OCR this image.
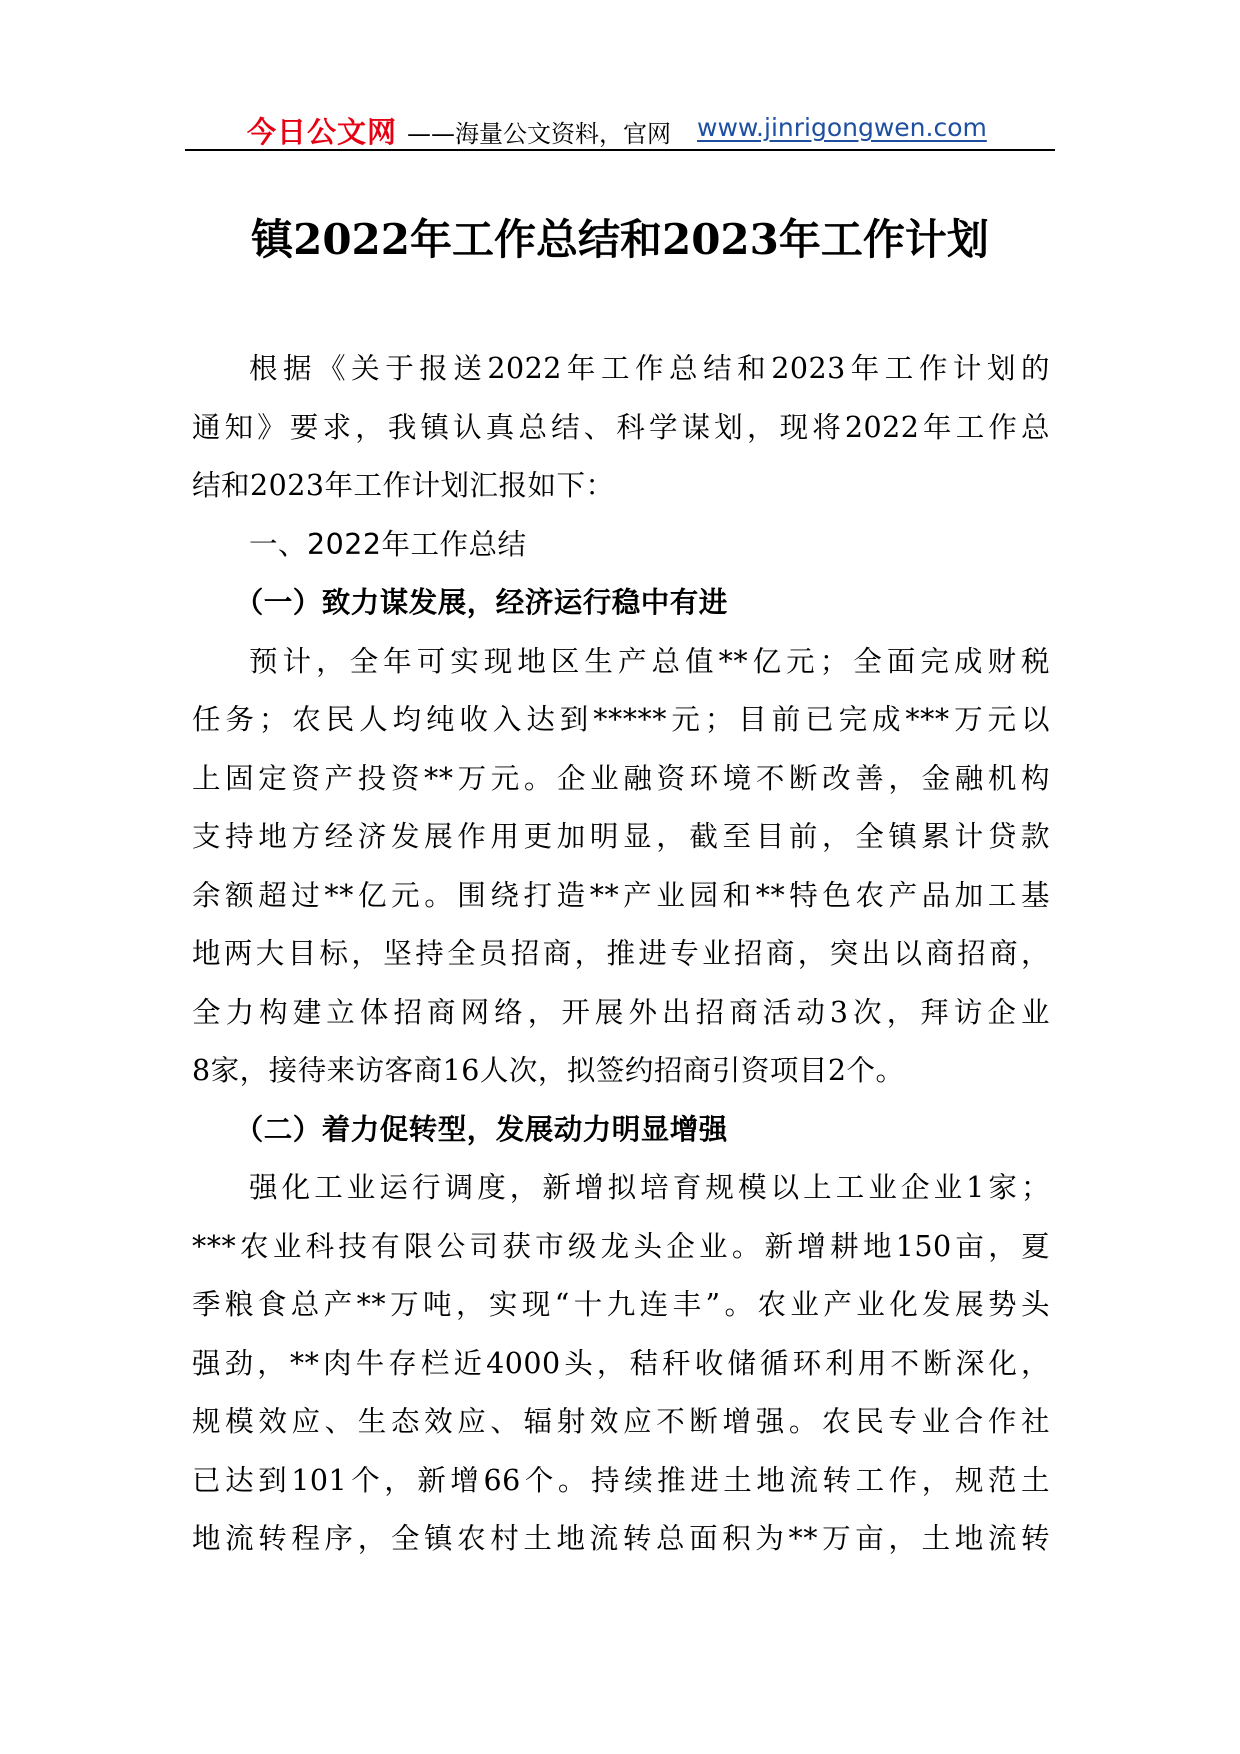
今日公文网 ——海量公文资料，官网 www.jinrigongwen.com
镇2022年工作总结和2023年工作计划

根据《关于报送2022年工作总结和2023年工作计划的
通知》要求，我镇认真总结、科学谋划，现将2022年工作总
结和2023年工作计划汇报如下：

一、2022年工作总结

（一）致力谋发展，经济运行稳中有进

预计，全年可实现地区生产总值**亿元；全面完成财税
任务；农民人均纯收入达到*****元；目前已完成***万元以
上固定资产投资**万元。企业融资环境不断改善，金融机构
支持地方经济发展作用更加明显，截至目前，全镇累计贷款
余额超过**亿元。围绕打造**产业园和**特色农产品加工基
地两大目标，坚持全员招商，推进专业招商，突出以商招商，
全力构建立体招商网络，开展外出招商活动3次，拜访企业
8家，接待来访客商16人次，拟签约招商引资项目2个。

（二）着力促转型，发展动力明显增强

强化工业运行调度，新增拟培育规模以上工业企业1家；
***农业科技有限公司获市级龙头企业。新增耕地150亩，夏
季粮食总产**万吨，实现“十九连丰”。农业产业化发展势头
强劲，**肉牛存栏近4000头，秸秆收储循环利用不断深化，
规模效应、生态效应、辐射效应不断增强。农民专业合作社
已达到101个，新增66个。持续推进土地流转工作，规范土
地流转程序，全镇农村土地流转总面积为**万亩，土地流转
